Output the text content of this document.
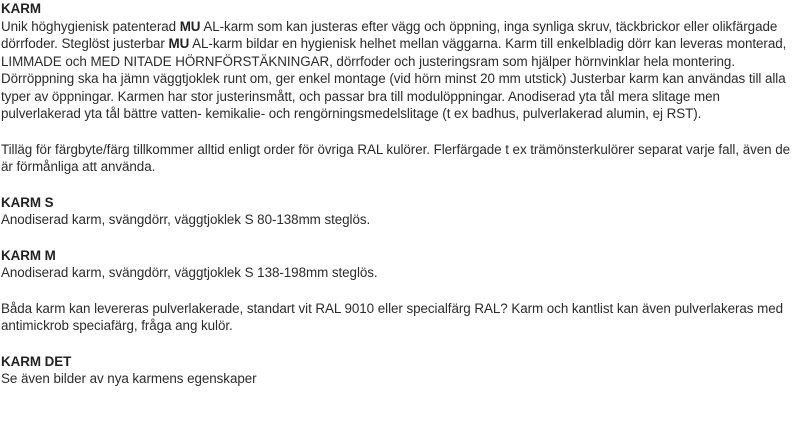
KARM

Unik höghygienisk patenterad MU AL-karm som kan justeras efter vägg och öppning, inga synliga skruv, täckbrickor eller olikfärgade dörrfoder. Steglöst justerbar MU AL-karm bildar en hygienisk helhet mellan väggarna. Karm till enkelbladig dörr kan leveras monterad, LIMMADE och MED NITADE HÖRNFÖRSTÄKNINGAR, dörrfoder och justeringsram som hjälper hörnvinklar hela montering. Dörröppning ska ha jämn väggtjoklek runt om, ger enkel montage (vid hörn minst 20 mm utstick) Justerbar karm kan användas till alla typer av öppningar. Karmen har stor justerinsmått, och passar bra till modulöppningar. Anodiserad yta tål mera slitage men pulverlakerad yta tål bättre vatten- kemikalie- och rengörningsmedelslitage (t ex badhus, pulverlakerad alumin, ej RST).

Tilläg för färgbyte/färg tillkommer alltid enligt order för övriga RAL kulörer. Flerfärgade t ex trämönsterkulörer separat varje fall, även de är förmånliga att använda.

KARM S

Anodiserad karm, svängdörr, väggtjoklek S 80-138mm steglös.

KARM M

Anodiserad karm, svängdörr, väggtjoklek S 138-198mm steglös.

Båda karm kan levereras pulverlakerade, standart vit RAL 9010 eller specialfärg RAL? Karm och kantlist kan även pulverlakeras med antimickrob speciafärg, fråga ang kulör.

KARM DET

Se även bilder av nya karmens egenskaper
